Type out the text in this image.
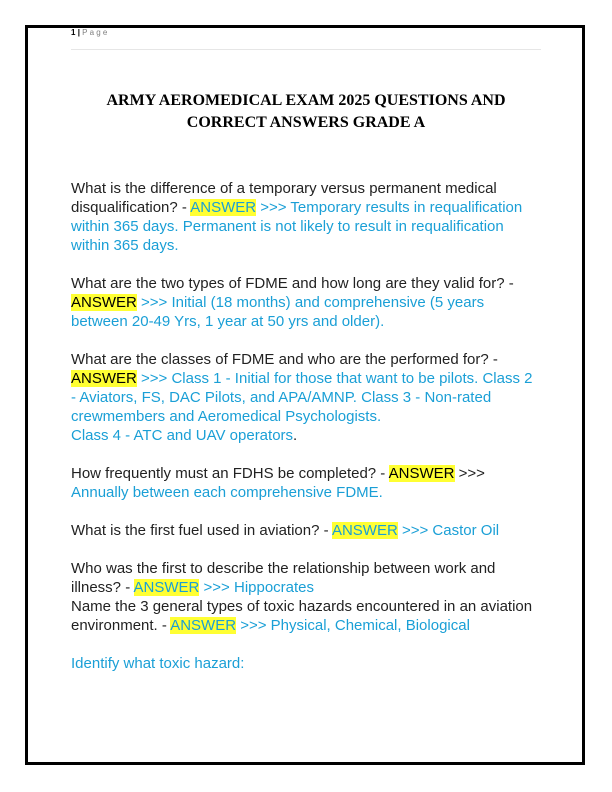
1 | P a g e
ARMY AEROMEDICAL EXAM 2025 QUESTIONS AND
CORRECT ANSWERS GRADE A

What is the difference of a temporary versus permanent medical disqualification? - ANSWER >>> Temporary results in requalification within 365 days. Permanent is not likely to result in requalification within 365 days.

What are the two types of FDME and how long are they valid for? - ANSWER >>> Initial (18 months) and comprehensive (5 years between 20-49 Yrs, 1 year at 50 yrs and older).

What are the classes of FDME and who are the performed for? - ANSWER >>> Class 1 - Initial for those that want to be pilots. Class 2 - Aviators, FS, DAC Pilots, and APA/AMNP. Class 3 - Non-rated crewmembers and Aeromedical Psychologists.
Class 4 - ATC and UAV operators.

How frequently must an FDHS be completed? - ANSWER >>>
Annually between each comprehensive FDME.

What is the first fuel used in aviation? - ANSWER >>> Castor Oil

Who was the first to describe the relationship between work and illness? - ANSWER >>> Hippocrates

Name the 3 general types of toxic hazards encountered in an aviation environment. - ANSWER >>> Physical, Chemical, Biological

Identify what toxic hazard:
